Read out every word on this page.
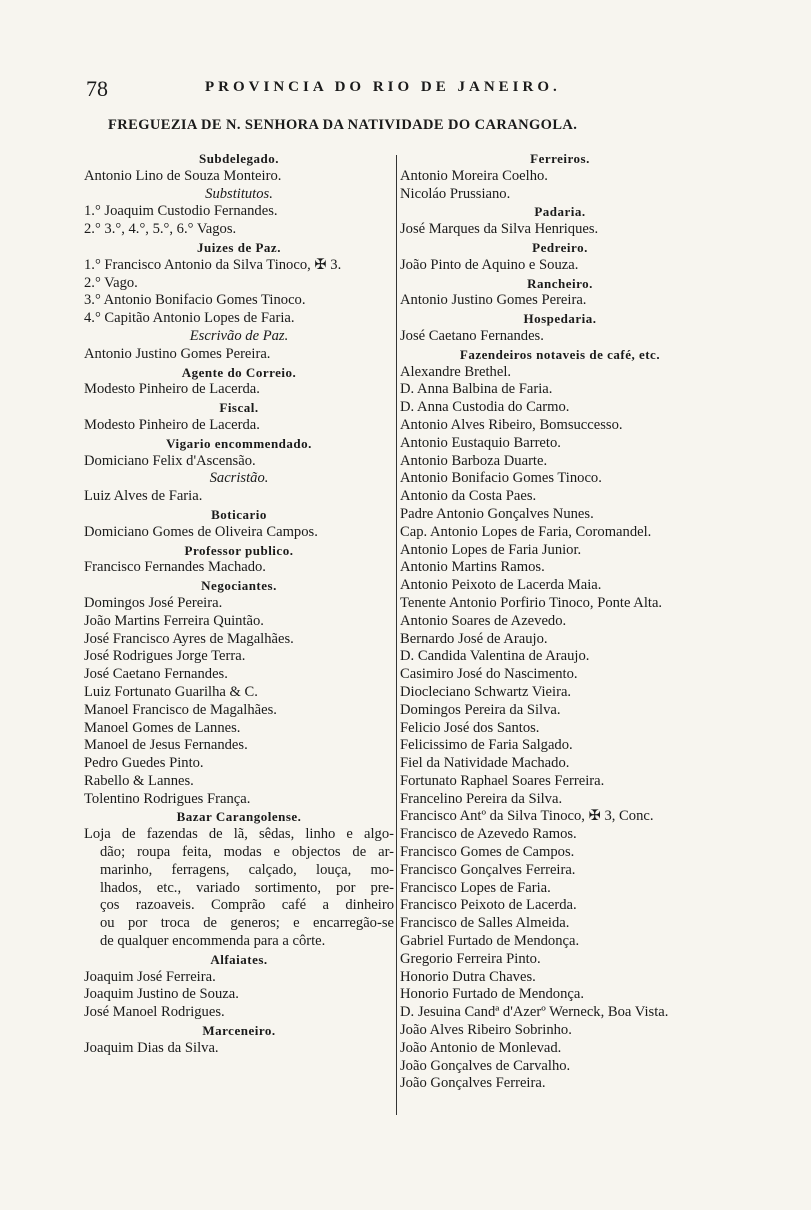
78	PROVINCIA DO RIO DE JANEIRO.
FREGUEZIA DE N. SENHORA DA NATIVIDADE DO CARANGOLA.
Subdelegado.
Antonio Lino de Souza Monteiro.
Substitutos.
1.° Joaquim Custodio Fernandes.
2.° 3.°, 4.°, 5.°, 6.° Vagos.
Juizes de Paz.
1.° Francisco Antonio da Silva Tinoco, ✠ 3.
2.° Vago.
3.° Antonio Bonifacio Gomes Tinoco.
4.° Capitão Antonio Lopes de Faria.
Escrivão de Paz.
Antonio Justino Gomes Pereira.
Agente do Correio.
Modesto Pinheiro de Lacerda.
Fiscal.
Modesto Pinheiro de Lacerda.
Vigario encommendado.
Domiciano Felix d'Ascensão.
Sacristão.
Luiz Alves de Faria.
Boticario
Domiciano Gomes de Oliveira Campos.
Professor publico.
Francisco Fernandes Machado.
Negociantes.
Domingos José Pereira.
João Martins Ferreira Quintão.
José Francisco Ayres de Magalhães.
José Rodrigues Jorge Terra.
José Caetano Fernandes.
Luiz Fortunato Guarilha & C.
Manoel Francisco de Magalhães.
Manoel Gomes de Lannes.
Manoel de Jesus Fernandes.
Pedro Guedes Pinto.
Rabello & Lannes.
Tolentino Rodrigues França.
Bazar Carangolense.
Loja de fazendas de lã, sêdas, linho e algo-
dão; roupa feita, modas e objectos de ar-
marinho, ferragens, calçado, louça, mo-
lhados, etc., variado sortimento, por pre-
ços razoaveis. Comprão café a dinheiro
ou por troca de generos; e encarregão-se
de qualquer encommenda para a côrte.
Alfaiates.
Joaquim José Ferreira.
Joaquim Justino de Souza.
José Manoel Rodrigues.
Marceneiro.
Joaquim Dias da Silva.
Ferreiros.
Antonio Moreira Coelho.
Nicoláo Prussiano.
Padaria.
José Marques da Silva Henriques.
Pedreiro.
João Pinto de Aquino e Souza.
Rancheiro.
Antonio Justino Gomes Pereira.
Hospedaria.
José Caetano Fernandes.
Fazendeiros notaveis de café, etc.
Alexandre Brethel.
D. Anna Balbina de Faria.
D. Anna Custodia do Carmo.
Antonio Alves Ribeiro, Bomsuccesso.
Antonio Eustaquio Barreto.
Antonio Barboza Duarte.
Antonio Bonifacio Gomes Tinoco.
Antonio da Costa Paes.
Padre Antonio Gonçalves Nunes.
Cap. Antonio Lopes de Faria, Coromandel.
Antonio Lopes de Faria Junior.
Antonio Martins Ramos.
Antonio Peixoto de Lacerda Maia.
Tenente Antonio Porfirio Tinoco, Ponte Alta.
Antonio Soares de Azevedo.
Bernardo José de Araujo.
D. Candida Valentina de Araujo.
Casimiro José do Nascimento.
Diocleciano Schwartz Vieira.
Domingos Pereira da Silva.
Felicio José dos Santos.
Felicissimo de Faria Salgado.
Fiel da Natividade Machado.
Fortunato Raphael Soares Ferreira.
Francelino Pereira da Silva.
Francisco Antº da Silva Tinoco, ✠ 3, Conc.
Francisco de Azevedo Ramos.
Francisco Gomes de Campos.
Francisco Gonçalves Ferreira.
Francisco Lopes de Faria.
Francisco Peixoto de Lacerda.
Francisco de Salles Almeida.
Gabriel Furtado de Mendonça.
Gregorio Ferreira Pinto.
Honorio Dutra Chaves.
Honorio Furtado de Mendonça.
D. Jesuina Candª d'Azerº Werneck, Boa Vista.
João Alves Ribeiro Sobrinho.
João Antonio de Monlevad.
João Gonçalves de Carvalho.
João Gonçalves Ferreira.
